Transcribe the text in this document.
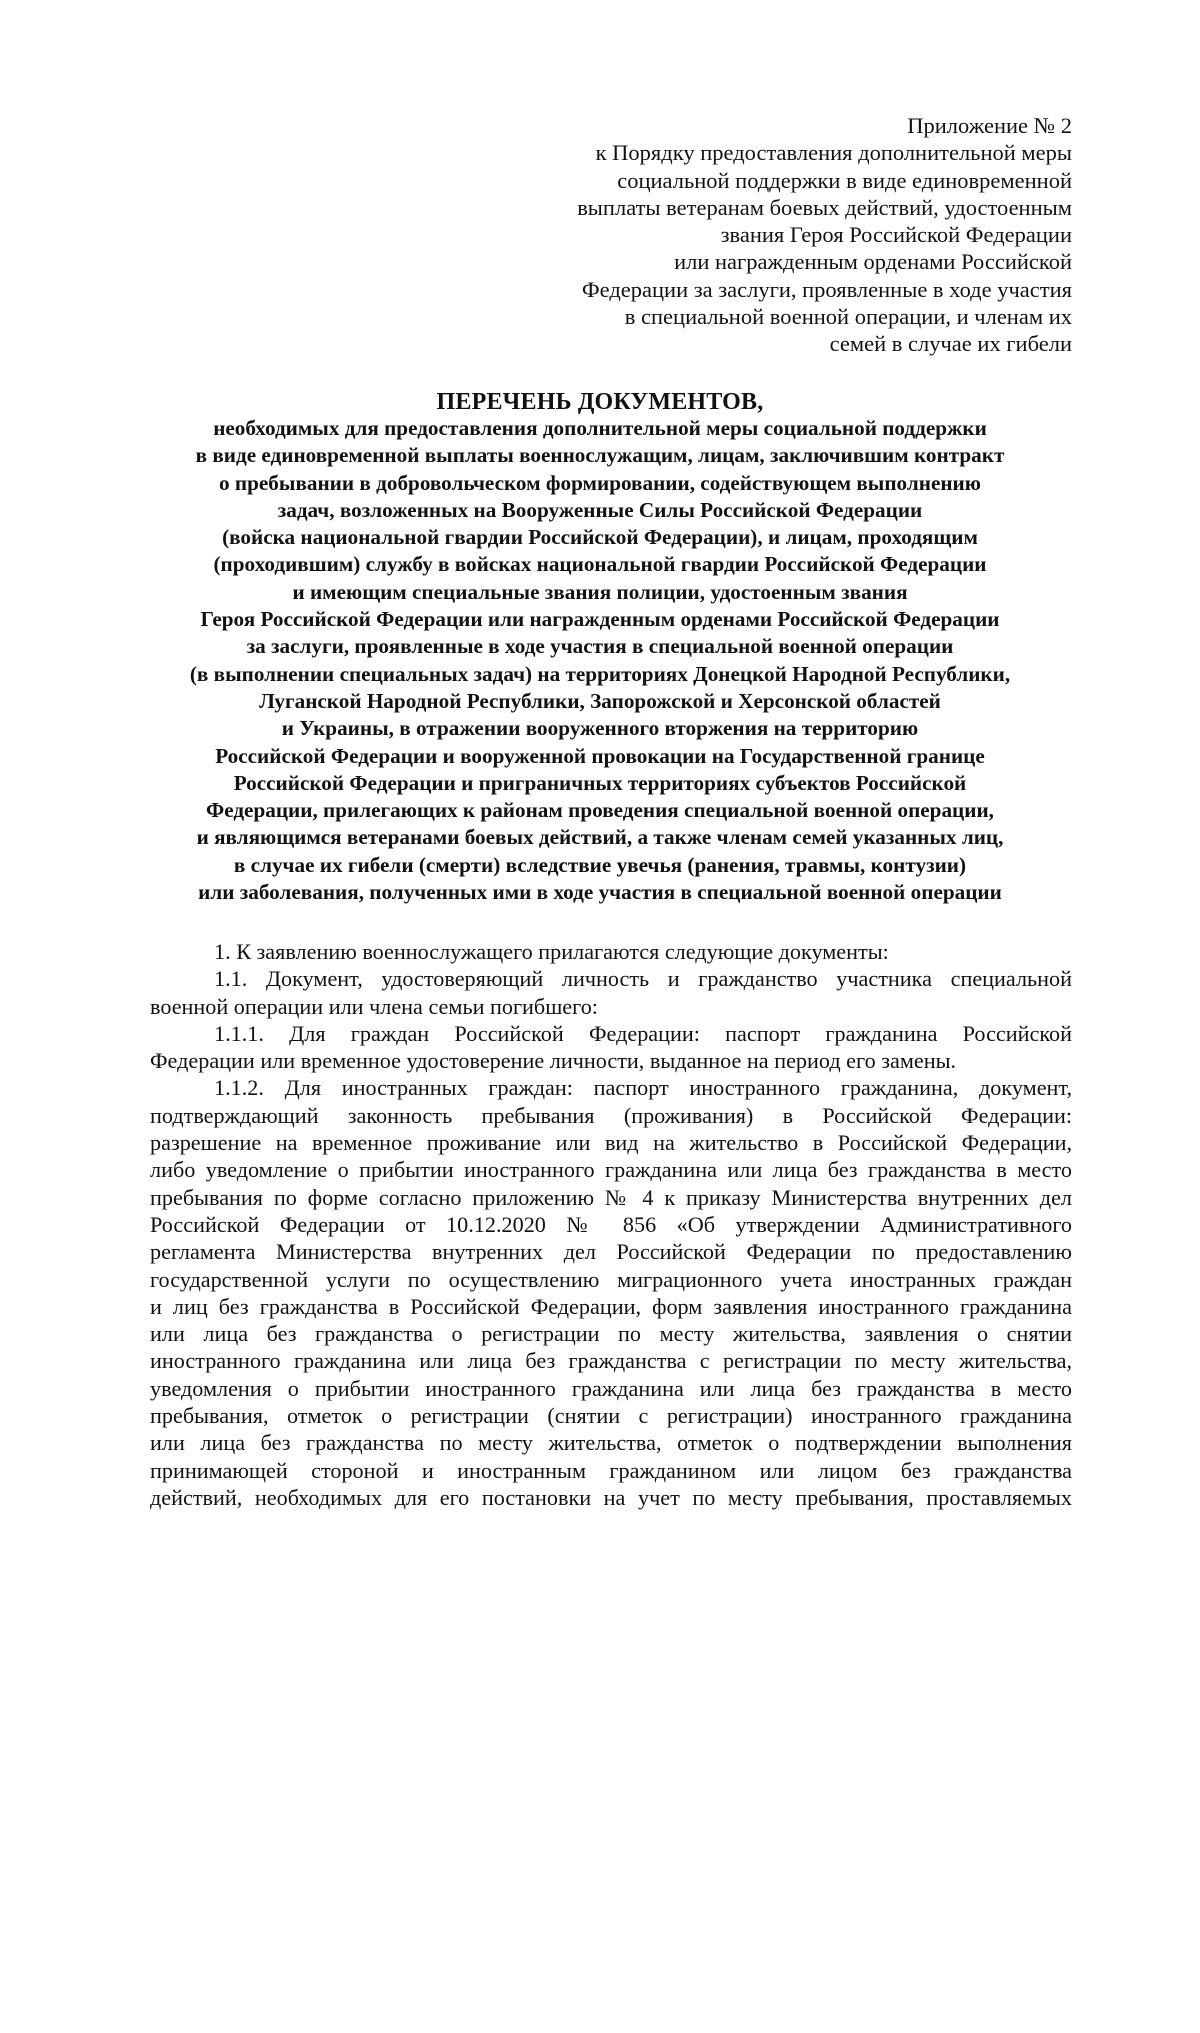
Приложение № 2
к Порядку предоставления дополнительной меры
социальной поддержки в виде единовременной
выплаты ветеранам боевых действий, удостоенным
звания Героя Российской Федерации
или награжденным орденами Российской
Федерации за заслуги, проявленные в ходе участия
в специальной военной операции, и членам их
семей в случае их гибели
ПЕРЕЧЕНЬ ДОКУМЕНТОВ,
необходимых для предоставления дополнительной меры социальной поддержки
в виде единовременной выплаты военнослужащим, лицам, заключившим контракт
о пребывании в добровольческом формировании, содействующем выполнению
задач, возложенных на Вооруженные Силы Российской Федерации
(войска национальной гвардии Российской Федерации), и лицам, проходящим
(проходившим) службу в войсках национальной гвардии Российской Федерации
и имеющим специальные звания полиции, удостоенным звания
Героя Российской Федерации или награжденным орденами Российской Федерации
за заслуги, проявленные в ходе участия в специальной военной операции
(в выполнении специальных задач) на территориях Донецкой Народной Республики,
Луганской Народной Республики, Запорожской и Херсонской областей
и Украины, в отражении вооруженного вторжения на территорию
Российской Федерации и вооруженной провокации на Государственной границе
Российской Федерации и приграничных территориях субъектов Российской
Федерации, прилегающих к районам проведения специальной военной операции,
и являющимся ветеранами боевых действий, а также членам семей указанных лиц,
в случае их гибели (смерти) вследствие увечья (ранения, травмы, контузии)
или заболевания, полученных ими в ходе участия в специальной военной операции
1. К заявлению военнослужащего прилагаются следующие документы:
1.1. Документ, удостоверяющий личность и гражданство участника специальной
военной операции или члена семьи погибшего:
1.1.1. Для граждан Российской Федерации: паспорт гражданина Российской
Федерации или временное удостоверение личности, выданное на период его замены.
1.1.2. Для иностранных граждан: паспорт иностранного гражданина, документ,
подтверждающий законность пребывания (проживания) в Российской Федерации:
разрешение на временное проживание или вид на жительство в Российской Федерации,
либо уведомление о прибытии иностранного гражданина или лица без гражданства в место
пребывания по форме согласно приложению № 4 к приказу Министерства внутренних дел
Российской Федерации от 10.12.2020 № 856 «Об утверждении Административного
регламента Министерства внутренних дел Российской Федерации по предоставлению
государственной услуги по осуществлению миграционного учета иностранных граждан
и лиц без гражданства в Российской Федерации, форм заявления иностранного гражданина
или лица без гражданства о регистрации по месту жительства, заявления о снятии
иностранного гражданина или лица без гражданства с регистрации по месту жительства,
уведомления о прибытии иностранного гражданина или лица без гражданства в место
пребывания, отметок о регистрации (снятии с регистрации) иностранного гражданина
или лица без гражданства по месту жительства, отметок о подтверждении выполнения
принимающей стороной и иностранным гражданином или лицом без гражданства
действий, необходимых для его постановки на учет по месту пребывания, проставляемых
